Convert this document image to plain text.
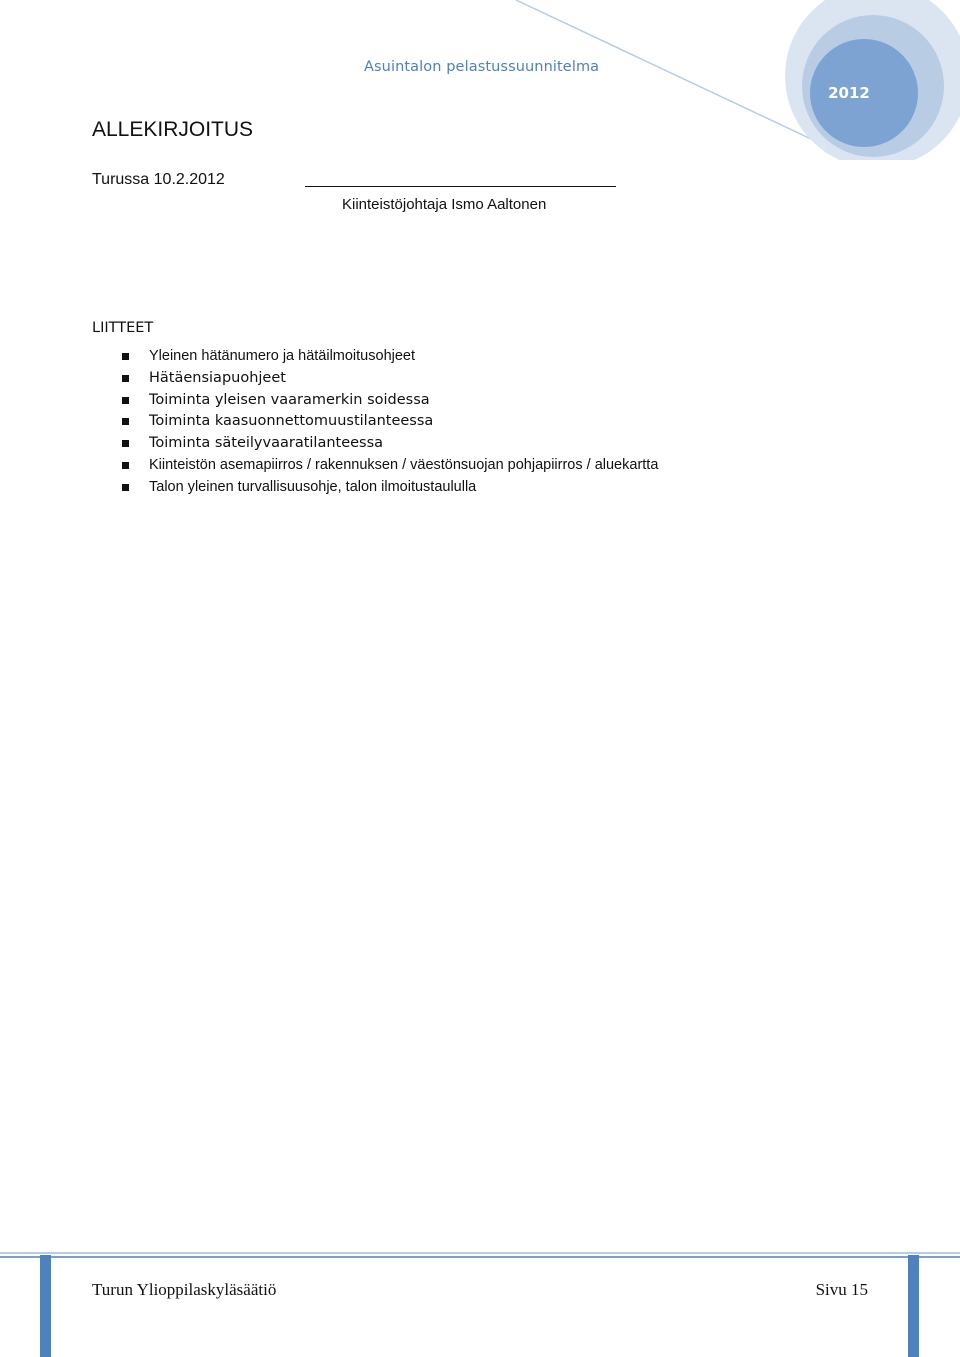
Asuintalon pelastussuunnitelma
2012
ALLEKIRJOITUS
Turussa 10.2.2012
Kiinteistöjohtaja Ismo Aaltonen
LIITTEET
Yleinen hätänumero ja hätäilmoitusohjeet
Hätäensiapuohjeet
Toiminta yleisen vaaramerkin soidessa
Toiminta kaasuonnettomuustilanteessa
Toiminta säteilyvaaratilanteessa
Kiinteistön asemapiirros / rakennuksen / väestönsuojan pohjapiirros / aluekartta
Talon yleinen turvallisuusohje, talon ilmoitustaululla
Turun Ylioppilaskyläsäätiö	Sivu 15
